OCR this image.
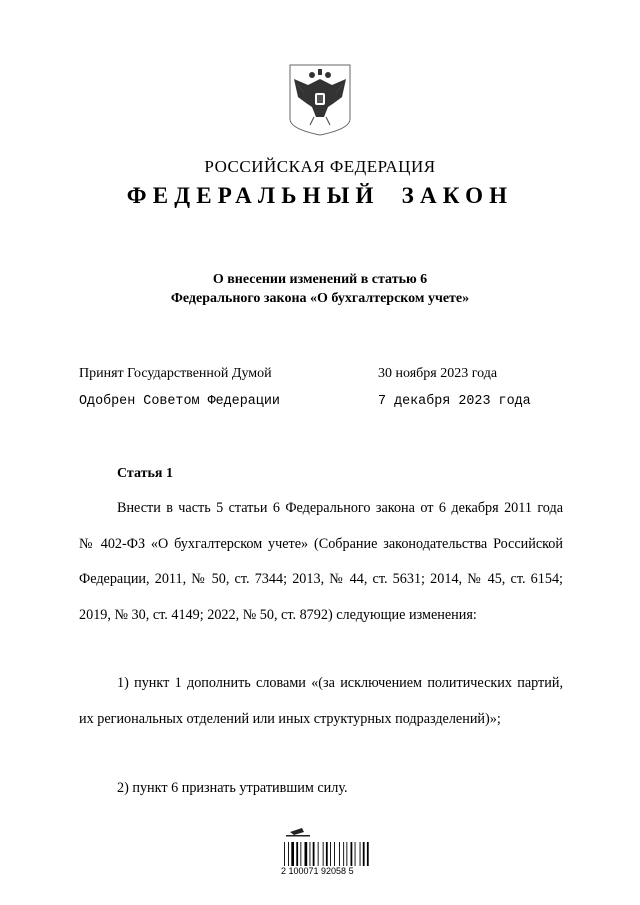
РОССИЙСКАЯ ФЕДЕРАЦИЯ
ФЕДЕРАЛЬНЫЙ ЗАКОН
О внесении изменений в статью 6
Федерального закона «О бухгалтерском учете»
Принят Государственной Думой	30 ноября 2023 года
Одобрен Советом Федерации	7 декабря 2023 года
Статья 1
Внести в часть 5 статьи 6 Федерального закона от 6 декабря 2011 года № 402-ФЗ «О бухгалтерском учете» (Собрание законодательства Российской Федерации, 2011, № 50, ст. 7344; 2013, № 44, ст. 5631; 2014, № 45, ст. 6154; 2019, № 30, ст. 4149; 2022, № 50, ст. 8792) следующие изменения:
1) пункт 1 дополнить словами «(за исключением политических партий, их региональных отделений или иных структурных подразделений)»;
2) пункт 6 признать утратившим силу.
2 100071 92058 5
